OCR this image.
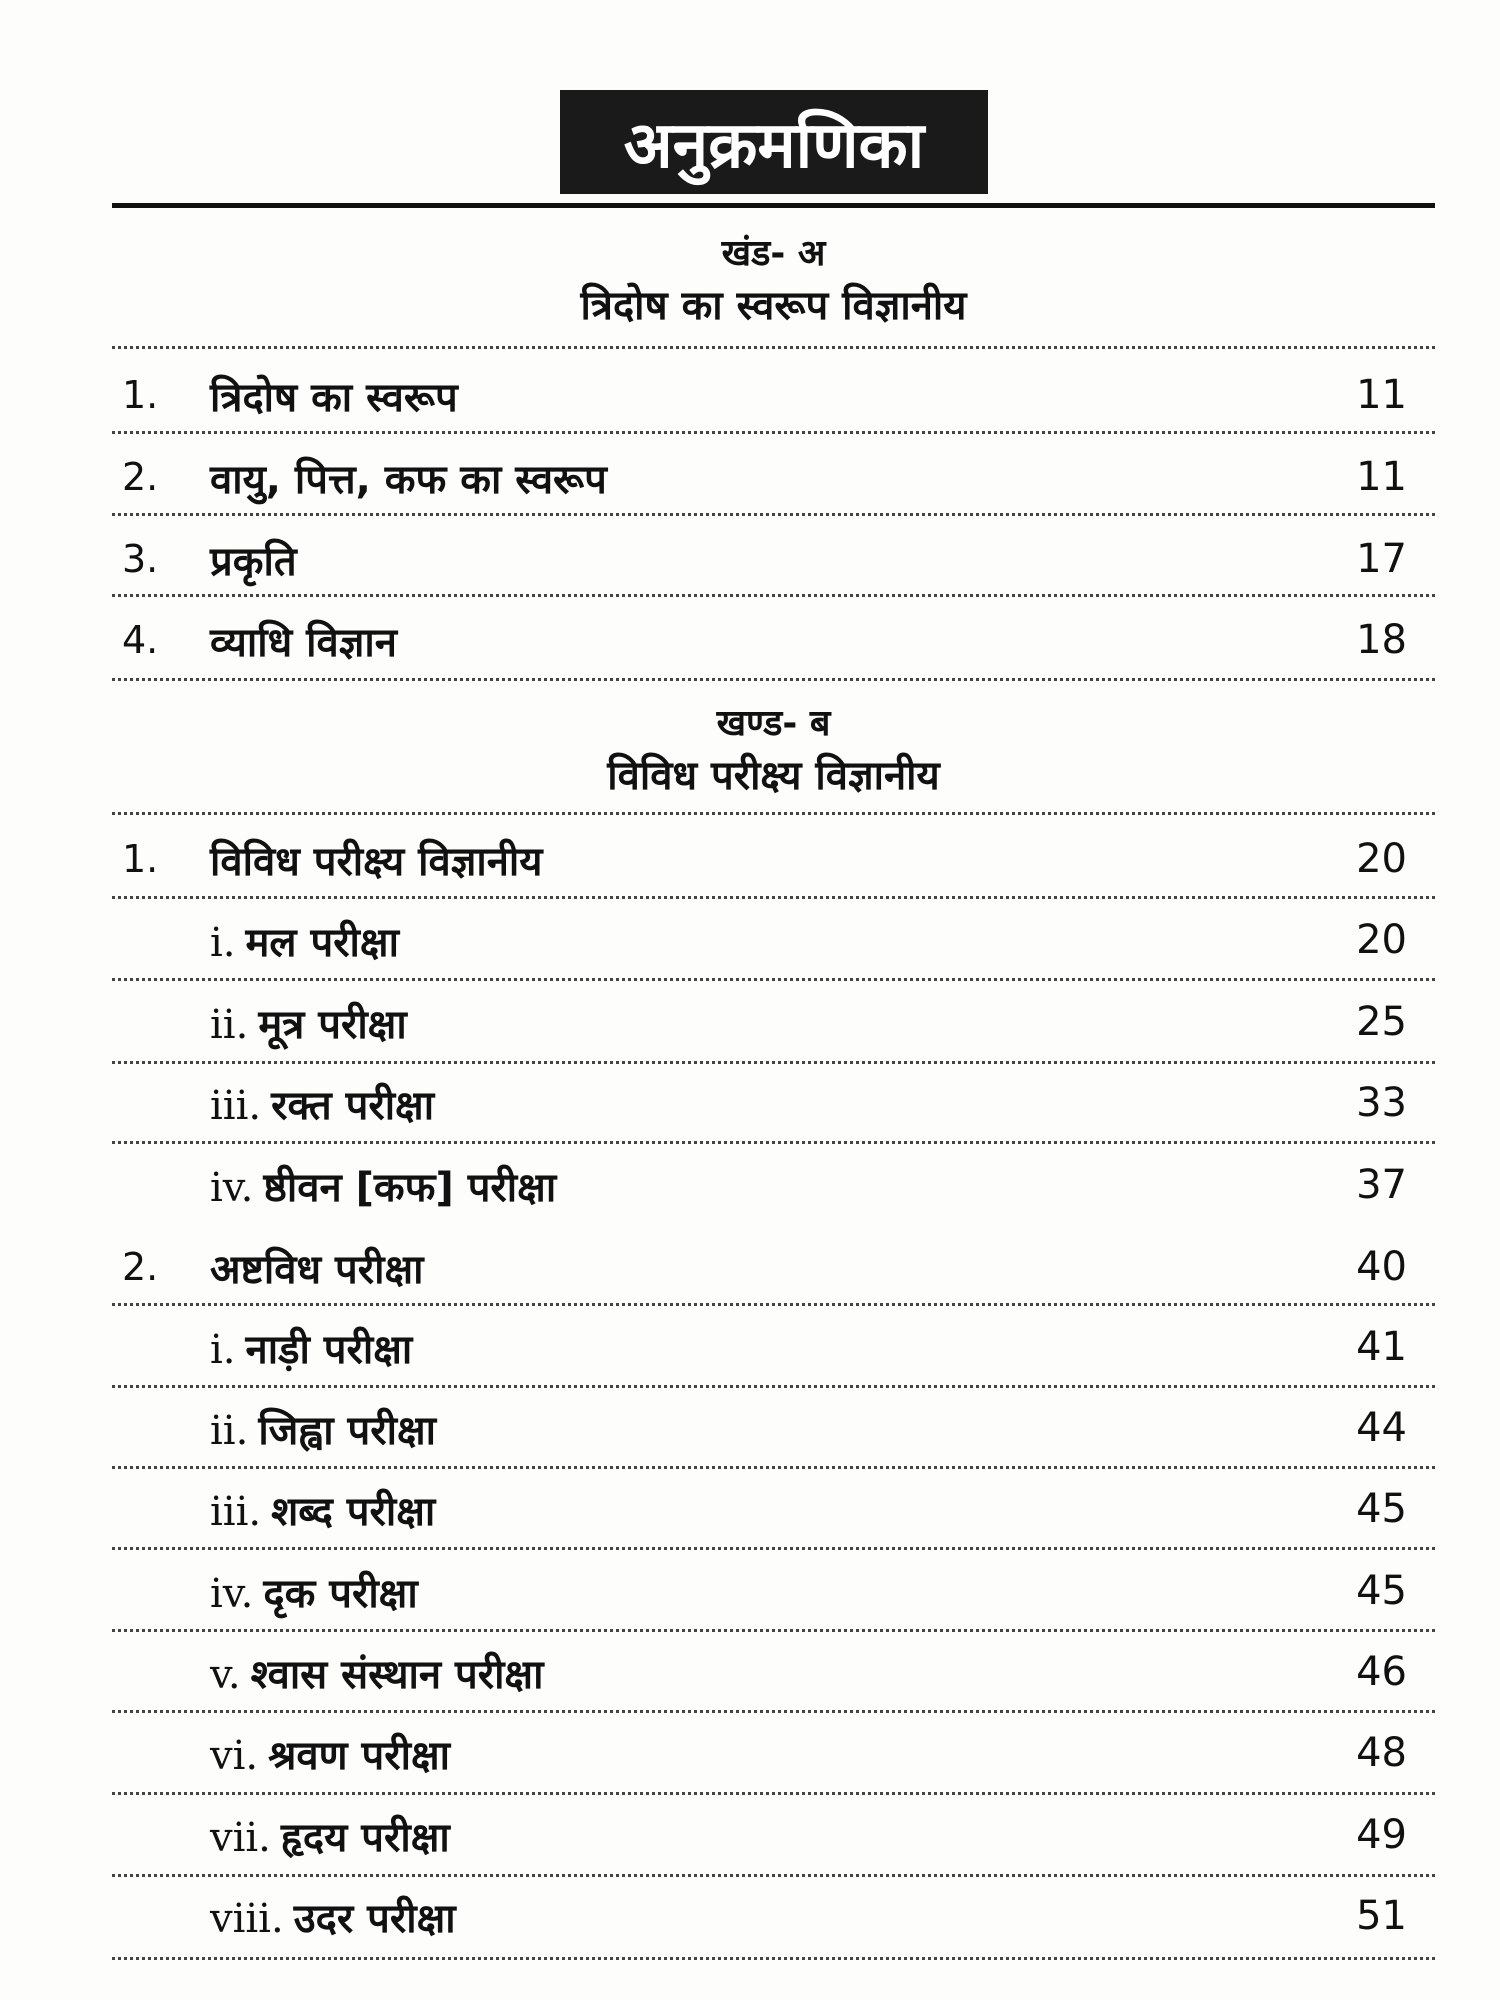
अनुक्रमणिका
खंड- अ
त्रिदोष का स्वरूप विज्ञानीय
1.	त्रिदोष का स्वरूप	11
2.	वायु, पित्त, कफ का स्वरूप	11
3.	प्रकृति	17
4.	व्याधि विज्ञान	18
खण्ड- ब
विविध परीक्ष्य विज्ञानीय
1.	विविध परीक्ष्य विज्ञानीय	20
i. मल परीक्षा	20
ii. मूत्र परीक्षा	25
iii. रक्त परीक्षा	33
iv. ष्ठीवन [कफ] परीक्षा	37
2.	अष्टविध परीक्षा	40
i. नाड़ी परीक्षा	41
ii. जिह्वा परीक्षा	44
iii. शब्द परीक्षा	45
iv. दृक परीक्षा	45
v. श्वास संस्थान परीक्षा	46
vi. श्रवण परीक्षा	48
vii. हृदय परीक्षा	49
viii. उदर परीक्षा	51
